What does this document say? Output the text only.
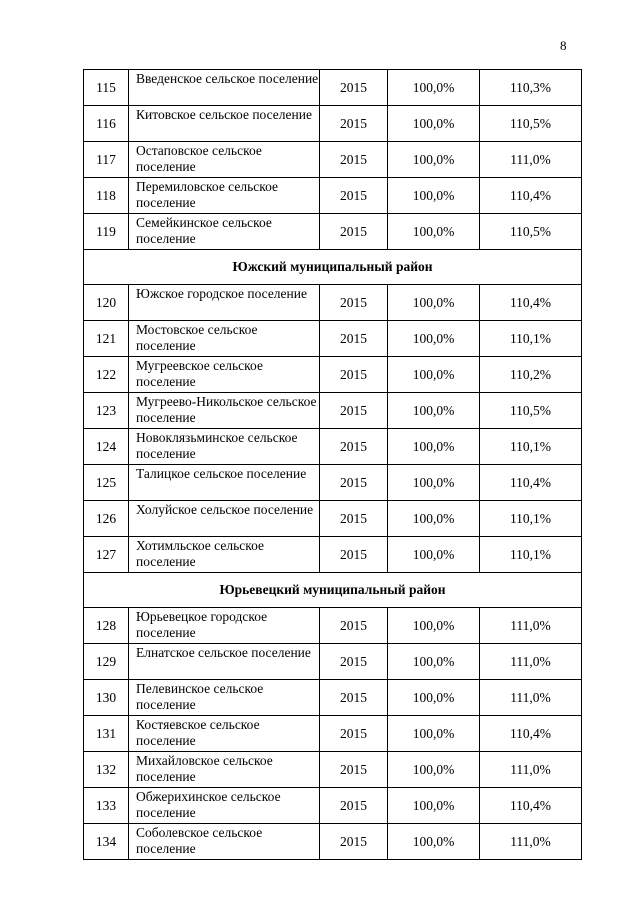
8
115	Введенское сельское поселение	2015	100,0%	110,3%
116	Китовское сельское поселение	2015	100,0%	110,5%
117	Остаповское сельское поселение	2015	100,0%	111,0%
118	Перемиловское сельское поселение	2015	100,0%	110,4%
119	Семейкинское сельское поселение	2015	100,0%	110,5%
Южский муниципальный район				
120	Южское городское поселение	2015	100,0%	110,4%
121	Мостовское сельское поселение	2015	100,0%	110,1%
122	Мугреевское сельское поселение	2015	100,0%	110,2%
123	Мугреево-Никольское сельское поселение	2015	100,0%	110,5%
124	Новоклязьминское сельское поселение	2015	100,0%	110,1%
125	Талицкое сельское поселение	2015	100,0%	110,4%
126	Холуйское сельское поселение	2015	100,0%	110,1%
127	Хотимльское сельское поселение	2015	100,0%	110,1%
Юрьевецкий муниципальный район				
128	Юрьевецкое городское поселение	2015	100,0%	111,0%
129	Елнатское сельское поселение	2015	100,0%	111,0%
130	Пелевинское сельское поселение	2015	100,0%	111,0%
131	Костяевское сельское поселение	2015	100,0%	110,4%
132	Михайловское сельское поселение	2015	100,0%	111,0%
133	Обжерихинское сельское поселение	2015	100,0%	110,4%
134	Соболевское сельское поселение	2015	100,0%	111,0%
